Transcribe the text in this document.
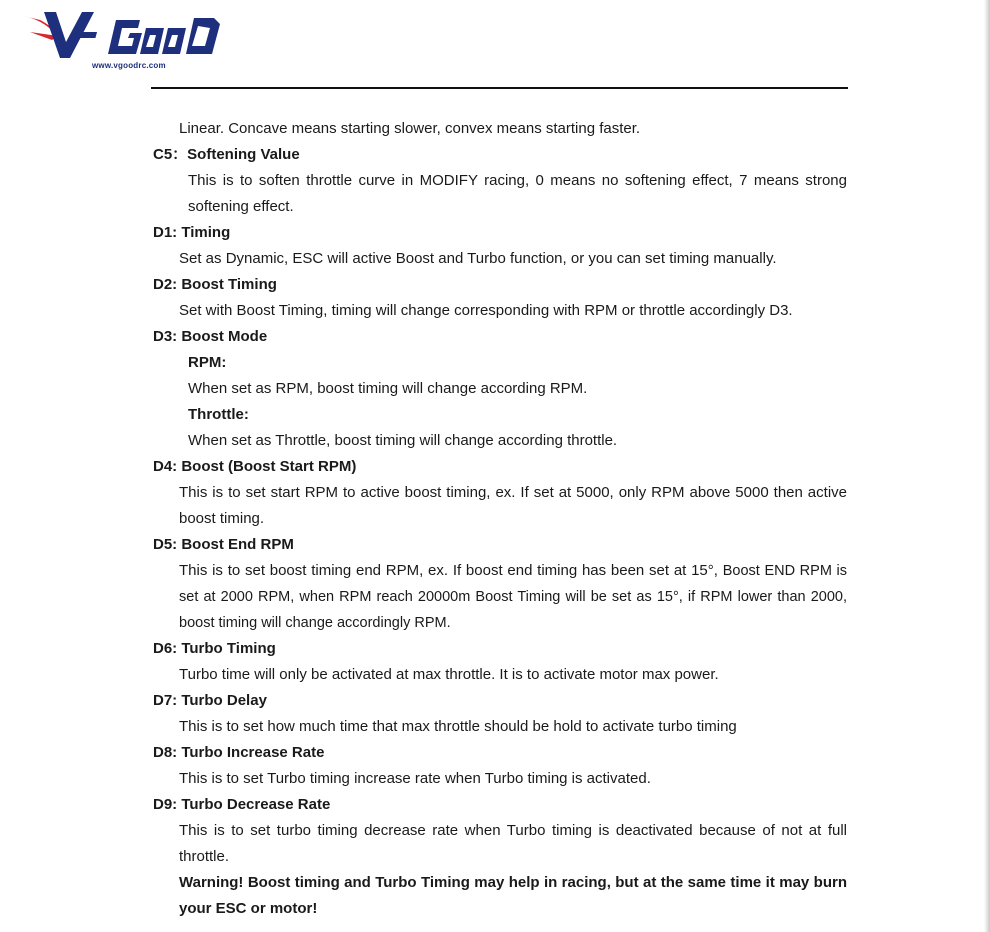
www.vgoodrc.com

Linear. Concave means starting slower, convex means starting faster.

C5：Softening Value

This is to soften throttle curve in MODIFY racing, 0 means no softening effect, 7 means strong softening effect.

D1: Timing

Set as Dynamic, ESC will active Boost and Turbo function, or you can set timing manually.

D2: Boost Timing

Set with Boost Timing, timing will change corresponding with RPM or throttle accordingly D3.

D3: Boost Mode

RPM:

When set as RPM, boost timing will change according RPM.

Throttle:

When set as Throttle, boost timing will change according throttle.

D4: Boost (Boost Start RPM)

This is to set start RPM to active boost timing, ex. If set at 5000, only RPM above 5000 then active boost timing.

D5: Boost End RPM

This is to set boost timing end RPM, ex. If boost end timing has been set at 15°, Boost END RPM is set at 2000 RPM, when RPM reach 20000m Boost Timing will be set as 15°, if RPM lower than 2000, boost timing will change accordingly RPM.

D6: Turbo Timing

Turbo time will only be activated at max throttle. It is to activate motor max power.

D7: Turbo Delay

This is to set how much time that max throttle should be hold to activate turbo timing

D8: Turbo Increase Rate

This is to set Turbo timing increase rate when Turbo timing is activated.

D9: Turbo Decrease Rate

This is to set turbo timing decrease rate when Turbo timing is deactivated because of not at full throttle.

Warning! Boost timing and Turbo Timing may help in racing, but at the same time it may burn your ESC or motor!
